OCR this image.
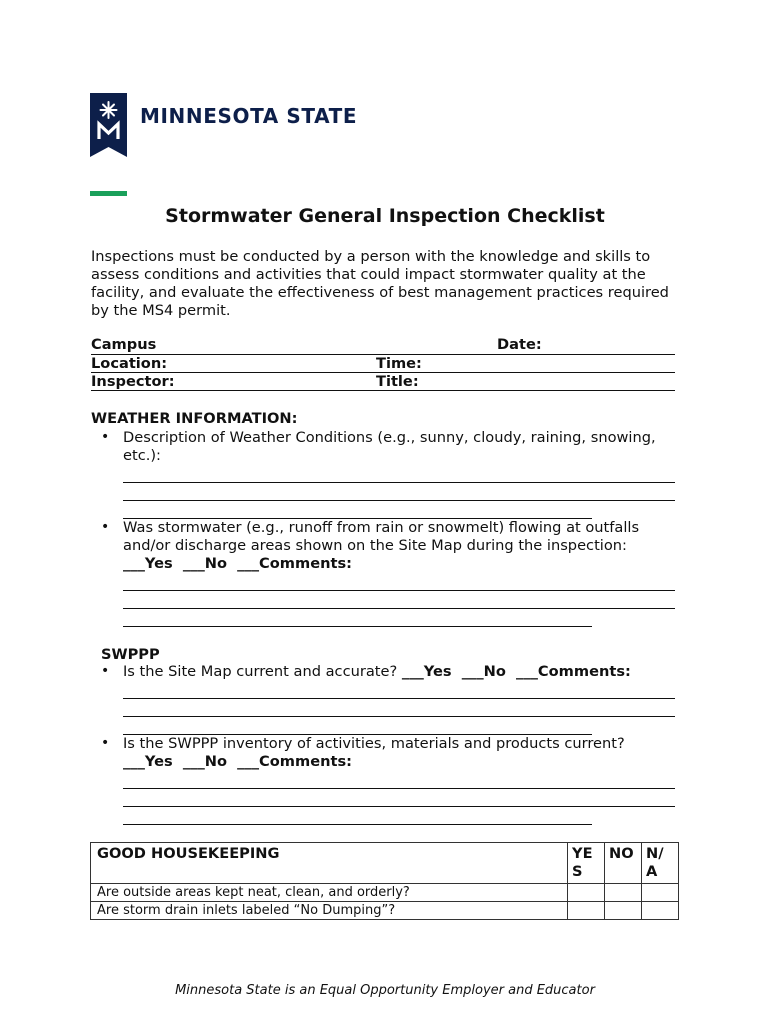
MINNESOTA STATE
Stormwater General Inspection Checklist

Inspections must be conducted by a person with the knowledge and skills to assess conditions and activities that could impact stormwater quality at the facility, and evaluate the effectiveness of best management practices required by the MS4 permit.

Campus	Date:
Location:	Time:
Inspector:	Title:
WEATHER INFORMATION:
• Description of Weather Conditions (e.g., sunny, cloudy, raining, snowing, etc.):
• Was stormwater (e.g., runoff from rain or snowmelt) flowing at outfalls and/or discharge areas shown on the Site Map during the inspection:
___Yes  ___No  ___Comments:
SWPPP
• Is the Site Map current and accurate? ___Yes  ___No  ___Comments:
• Is the SWPPP inventory of activities, materials and products current?
___Yes  ___No  ___Comments:
GOOD HOUSEKEEPING	YES	NO	N/A
Are outside areas kept neat, clean, and orderly?			
Are storm drain inlets labeled “No Dumping”?			
Minnesota State is an Equal Opportunity Employer and Educator
